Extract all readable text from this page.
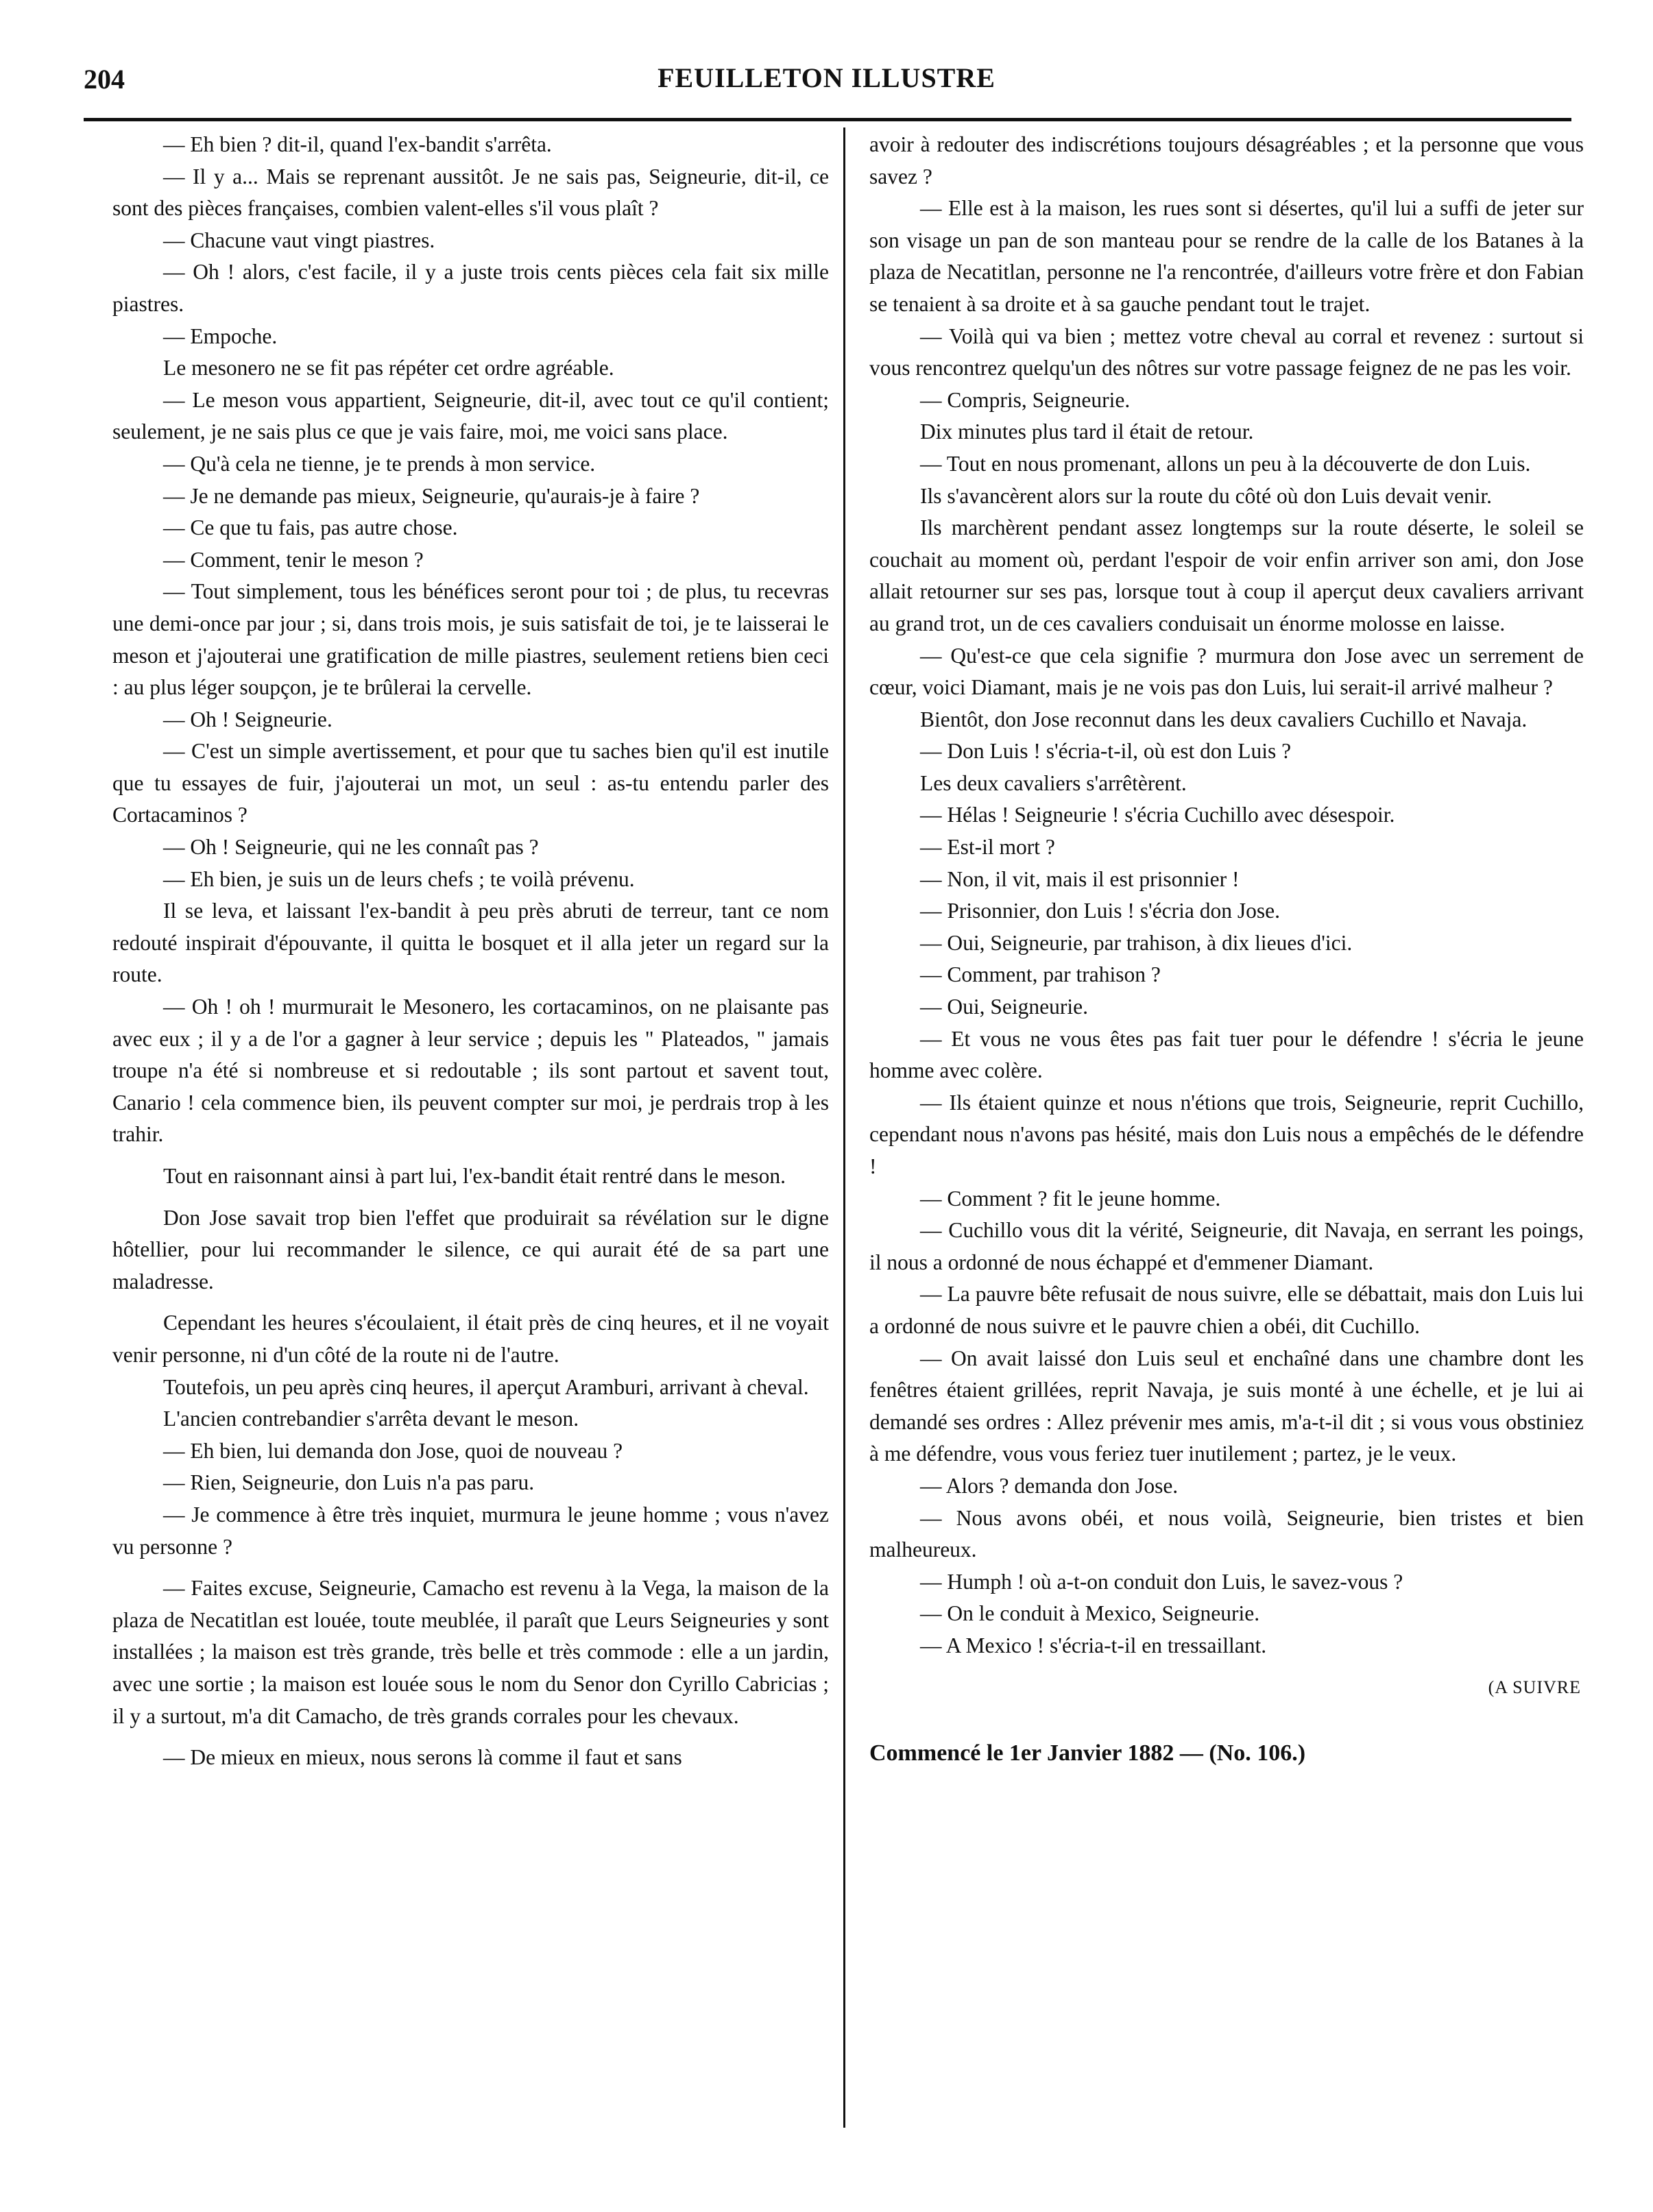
204	FEUILLETON ILLUSTRE

— Eh bien ? dit-il, quand l'ex-bandit s'arrêta.

— Il y a... Mais se reprenant aussitôt. Je ne sais pas, Seigneurie, dit-il, ce sont des pièces françaises, combien valent-elles s'il vous plaît ?

— Chacune vaut vingt piastres.

— Oh ! alors, c'est facile, il y a juste trois cents pièces cela fait six mille piastres.

— Empoche.

Le mesonero ne se fit pas répéter cet ordre agréable.

— Le meson vous appartient, Seigneurie, dit-il, avec tout ce qu'il contient; seulement, je ne sais plus ce que je vais faire, moi, me voici sans place.

— Qu'à cela ne tienne, je te prends à mon service.

— Je ne demande pas mieux, Seigneurie, qu'aurais-je à faire ?

— Ce que tu fais, pas autre chose.

— Comment, tenir le meson ?

— Tout simplement, tous les bénéfices seront pour toi ; de plus, tu recevras une demi-once par jour ; si, dans trois mois, je suis satisfait de toi, je te laisserai le meson et j'ajouterai une gratification de mille piastres, seulement retiens bien ceci : au plus léger soupçon, je te brûlerai la cervelle.

— Oh ! Seigneurie.

— C'est un simple avertissement, et pour que tu saches bien qu'il est inutile que tu essayes de fuir, j'ajouterai un mot, un seul : as-tu entendu parler des Cortacaminos ?

— Oh ! Seigneurie, qui ne les connaît pas ?

— Eh bien, je suis un de leurs chefs ; te voilà prévenu.

Il se leva, et laissant l'ex-bandit à peu près abruti de terreur, tant ce nom redouté inspirait d'épouvante, il quitta le bosquet et il alla jeter un regard sur la route.

— Oh ! oh ! murmurait le Mesonero, les cortacaminos, on ne plaisante pas avec eux ; il y a de l'or a gagner à leur service ; depuis les " Plateados, " jamais troupe n'a été si nombreuse et si redoutable ; ils sont partout et savent tout, Canario ! cela commence bien, ils peuvent compter sur moi, je perdrais trop à les trahir.

Tout en raisonnant ainsi à part lui, l'ex-bandit était rentré dans le meson.

Don Jose savait trop bien l'effet que produirait sa révélation sur le digne hôtellier, pour lui recommander le silence, ce qui aurait été de sa part une maladresse.

Cependant les heures s'écoulaient, il était près de cinq heures, et il ne voyait venir personne, ni d'un côté de la route ni de l'autre.

Toutefois, un peu après cinq heures, il aperçut Aramburi, arrivant à cheval.

L'ancien contrebandier s'arrêta devant le meson.

— Eh bien, lui demanda don Jose, quoi de nouveau ?

— Rien, Seigneurie, don Luis n'a pas paru.

— Je commence à être très inquiet, murmura le jeune homme ; vous n'avez vu personne ?

— Faites excuse, Seigneurie, Camacho est revenu à la Vega, la maison de la plaza de Necatitlan est louée, toute meublée, il paraît que Leurs Seigneuries y sont installées ; la maison est très grande, très belle et très commode : elle a un jardin, avec une sortie ; la maison est louée sous le nom du Senor don Cyrillo Cabricias ; il y a surtout, m'a dit Camacho, de très grands corrales pour les chevaux.

— De mieux en mieux, nous serons là comme il faut et sans

avoir à redouter des indiscrétions toujours désagréables ; et la personne que vous savez ?

— Elle est à la maison, les rues sont si désertes, qu'il lui a suffi de jeter sur son visage un pan de son manteau pour se rendre de la calle de los Batanes à la plaza de Necatitlan, personne ne l'a rencontrée, d'ailleurs votre frère et don Fabian se tenaient à sa droite et à sa gauche pendant tout le trajet.

— Voilà qui va bien ; mettez votre cheval au corral et revenez : surtout si vous rencontrez quelqu'un des nôtres sur votre passage feignez de ne pas les voir.

— Compris, Seigneurie.

Dix minutes plus tard il était de retour.

— Tout en nous promenant, allons un peu à la découverte de don Luis.

Ils s'avancèrent alors sur la route du côté où don Luis devait venir.

Ils marchèrent pendant assez longtemps sur la route déserte, le soleil se couchait au moment où, perdant l'espoir de voir enfin arriver son ami, don Jose allait retourner sur ses pas, lorsque tout à coup il aperçut deux cavaliers arrivant au grand trot, un de ces cavaliers conduisait un énorme molosse en laisse.

— Qu'est-ce que cela signifie ? murmura don Jose avec un serrement de cœur, voici Diamant, mais je ne vois pas don Luis, lui serait-il arrivé malheur ?

Bientôt, don Jose reconnut dans les deux cavaliers Cuchillo et Navaja.

— Don Luis ! s'écria-t-il, où est don Luis ?

Les deux cavaliers s'arrêtèrent.

— Hélas ! Seigneurie ! s'écria Cuchillo avec désespoir.

— Est-il mort ?

— Non, il vit, mais il est prisonnier !

— Prisonnier, don Luis ! s'écria don Jose.

— Oui, Seigneurie, par trahison, à dix lieues d'ici.

— Comment, par trahison ?

— Oui, Seigneurie.

— Et vous ne vous êtes pas fait tuer pour le défendre ! s'écria le jeune homme avec colère.

— Ils étaient quinze et nous n'étions que trois, Seigneurie, reprit Cuchillo, cependant nous n'avons pas hésité, mais don Luis nous a empêchés de le défendre !

— Comment ? fit le jeune homme.

— Cuchillo vous dit la vérité, Seigneurie, dit Navaja, en serrant les poings, il nous a ordonné de nous échappé et d'emmener Diamant.

— La pauvre bête refusait de nous suivre, elle se débattait, mais don Luis lui a ordonné de nous suivre et le pauvre chien a obéi, dit Cuchillo.

— On avait laissé don Luis seul et enchaîné dans une chambre dont les fenêtres étaient grillées, reprit Navaja, je suis monté à une échelle, et je lui ai demandé ses ordres : Allez prévenir mes amis, m'a-t-il dit ; si vous vous obstiniez à me défendre, vous vous feriez tuer inutilement ; partez, je le veux.

— Alors ? demanda don Jose.

— Nous avons obéi, et nous voilà, Seigneurie, bien tristes et bien malheureux.

— Humph ! où a-t-on conduit don Luis, le savez-vous ?

— On le conduit à Mexico, Seigneurie.

— A Mexico ! s'écria-t-il en tressaillant.

(A SUIVRE

Commencé le 1er Janvier 1882 — (No. 106.)
